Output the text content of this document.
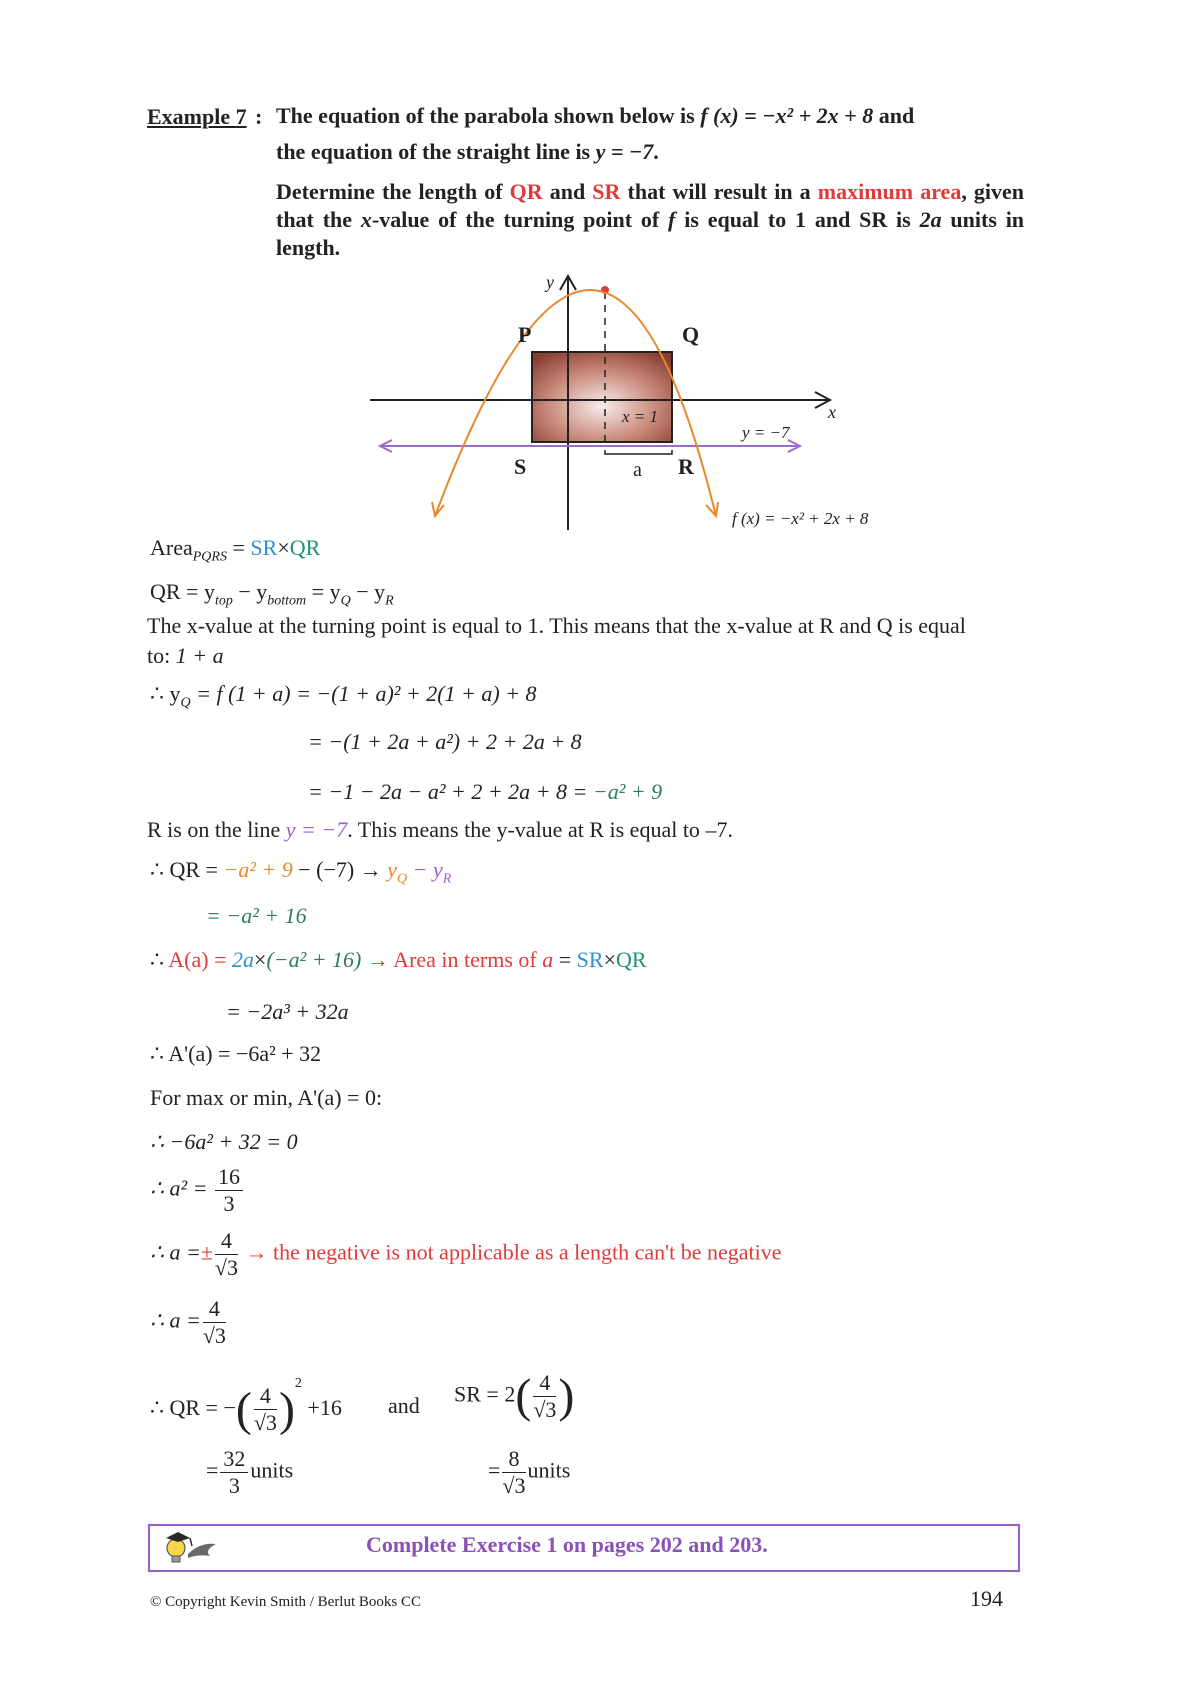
Example 7 : The equation of the parabola shown below is f (x) = −x² + 2x + 8 and
the equation of the straight line is y = −7.
Determine the length of QR and SR that will result in a maximum area, given that the x-value of the turning point of f is equal to 1 and SR is 2a units in length.
y
x
P	Q
S	R
a
x = 1
y = −7
f (x) = −x² + 2x + 8
Area$_{PQRS}$ = SR×QR
QR = $y_{top} - y_{bottom} = y_Q - y_R$
The x-value at the turning point is equal to 1. This means that the x-value at R and Q is equal
to: 1 + a
∴ $y_Q = f$ (1 + a) = −(1 + a)² + 2(1 + a) + 8
= −(1 + 2a + a²) + 2 + 2a + 8
= −1 − 2a − a² + 2 + 2a + 8 = −a² + 9
R is on the line y = −7. This means the y-value at R is equal to –7.
∴ QR = $-a^2 + 9 - (-7) \to y_Q - y_R$
= −a² + 16
∴ A(a) = 2a×(−a² + 16) → Area in terms of a = SR×QR
= −2a³ + 32a
∴ A'(a) = −6a² + 32
For max or min, A'(a) = 0:
∴ −6a² + 32 = 0
∴ $a^2 = \frac{16}{3}$
∴ $a =\pm \frac{4}{√3}$ → the negative is not applicable as a length can't be negative
∴ $a = \frac{4}{√3}$
∴ QR = −( $\frac{4}{√3} )^2 +16$ and SR = $2( \frac{4}{√3}$ )
= $\frac{32}{3}$ units	= $\frac{8}{√3}$ units
Complete Exercise 1 on pages 202 and 203.
© Copyright Kevin Smith / Berlut Books CC	194
